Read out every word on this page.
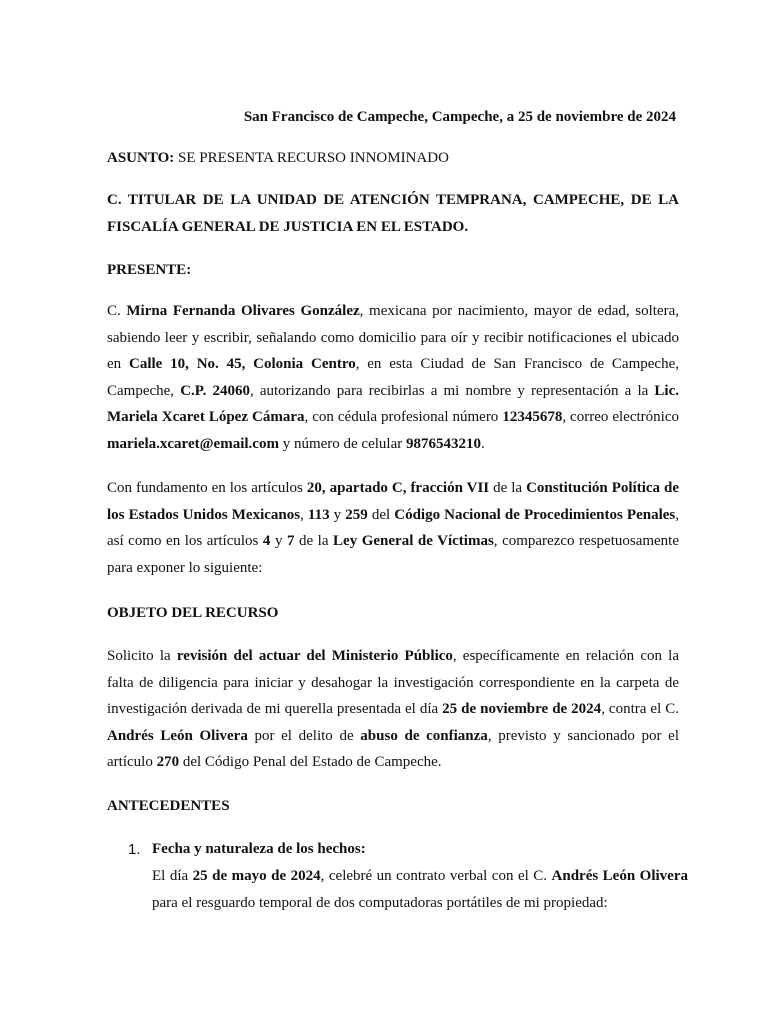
San Francisco de Campeche, Campeche, a 25 de noviembre de 2024
ASUNTO: SE PRESENTA RECURSO INNOMINADO
C. TITULAR DE LA UNIDAD DE ATENCIÓN TEMPRANA, CAMPECHE, DE LA FISCALÍA GENERAL DE JUSTICIA EN EL ESTADO.
PRESENTE:
C. Mirna Fernanda Olivares González, mexicana por nacimiento, mayor de edad, soltera, sabiendo leer y escribir, señalando como domicilio para oír y recibir notificaciones el ubicado en Calle 10, No. 45, Colonia Centro, en esta Ciudad de San Francisco de Campeche, Campeche, C.P. 24060, autorizando para recibirlas a mi nombre y representación a la Lic. Mariela Xcaret López Cámara, con cédula profesional número 12345678, correo electrónico mariela.xcaret@email.com y número de celular 9876543210.
Con fundamento en los artículos 20, apartado C, fracción VII de la Constitución Política de los Estados Unidos Mexicanos, 113 y 259 del Código Nacional de Procedimientos Penales, así como en los artículos 4 y 7 de la Ley General de Víctimas, comparezco respetuosamente para exponer lo siguiente:
OBJETO DEL RECURSO
Solicito la revisión del actuar del Ministerio Público, específicamente en relación con la falta de diligencia para iniciar y desahogar la investigación correspondiente en la carpeta de investigación derivada de mi querella presentada el día 25 de noviembre de 2024, contra el C. Andrés León Olivera por el delito de abuso de confianza, previsto y sancionado por el artículo 270 del Código Penal del Estado de Campeche.
ANTECEDENTES
1. Fecha y naturaleza de los hechos:
El día 25 de mayo de 2024, celebré un contrato verbal con el C. Andrés León Olivera para el resguardo temporal de dos computadoras portátiles de mi propiedad:
